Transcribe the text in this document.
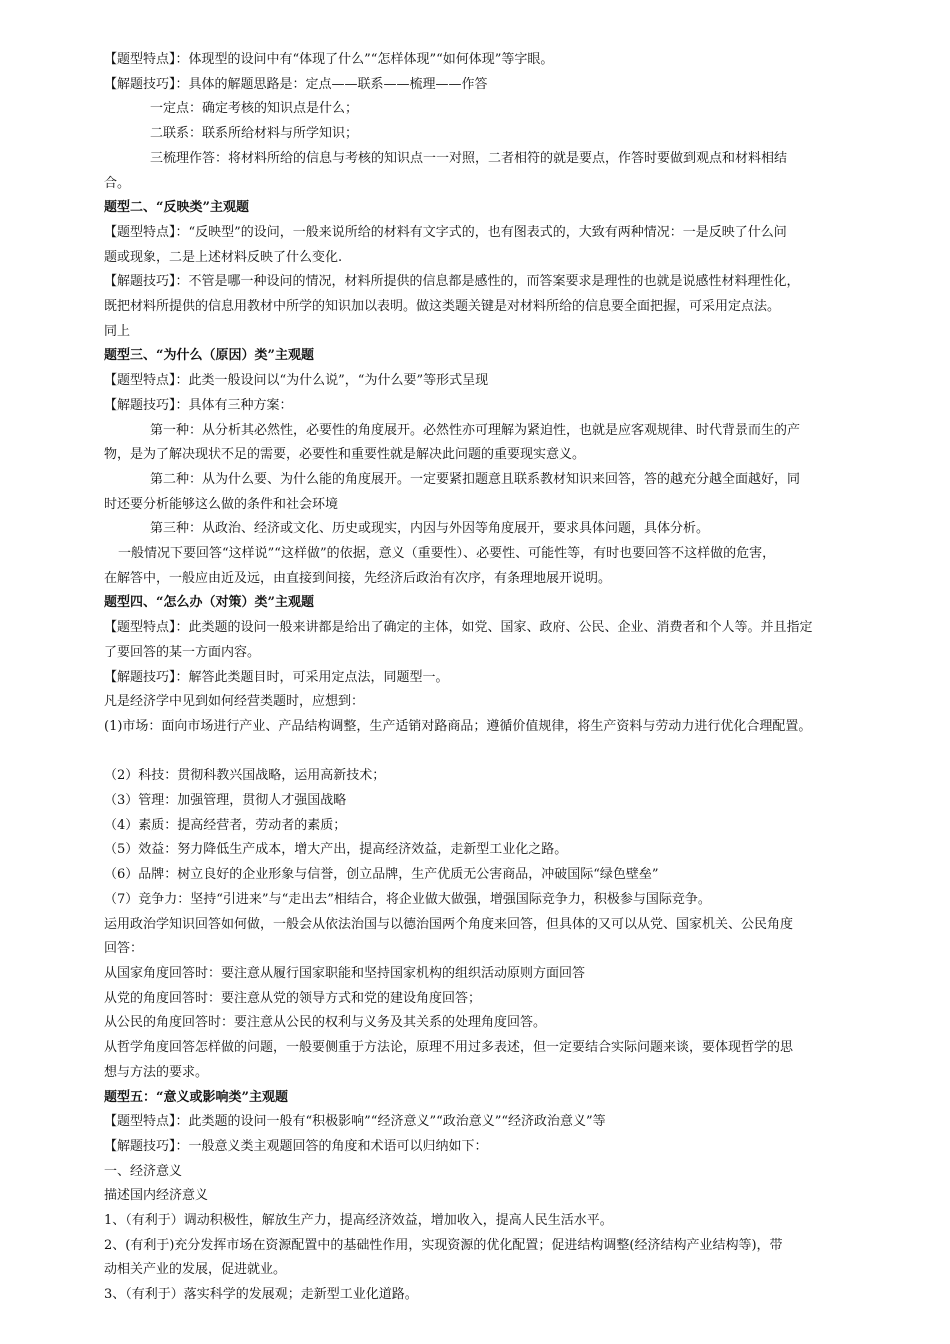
【题型特点】：体现型的设问中有“体现了什么”“怎样体现”“如何体现”等字眼。
【解题技巧】：具体的解题思路是：定点——联系——梳理——作答
一定点：确定考核的知识点是什么；
二联系：联系所给材料与所学知识；
三梳理作答：将材料所给的信息与考核的知识点一一对照，二者相符的就是要点，作答时要做到观点和材料相结
合。
题型二、“反映类”主观题
【题型特点】：“反映型”的设问，一般来说所给的材料有文字式的，也有图表式的，大致有两种情况：一是反映了什么问
题或现象，二是上述材料反映了什么变化.
【解题技巧】：不管是哪一种设问的情况，材料所提供的信息都是感性的，而答案要求是理性的也就是说感性材料理性化，
既把材料所提供的信息用教材中所学的知识加以表明。做这类题关键是对材料所给的信息要全面把握，可采用定点法。
同上
题型三、“为什么（原因）类”主观题
【题型特点】：此类一般设问以“为什么说”，“为什么要”等形式呈现
【解题技巧】：具体有三种方案：
第一种：从分析其必然性，必要性的角度展开。必然性亦可理解为紧迫性，也就是应客观规律、时代背景而生的产
物，是为了解决现状不足的需要，必要性和重要性就是解决此问题的重要现实意义。
第二种：从为什么要、为什么能的角度展开。一定要紧扣题意且联系教材知识来回答，答的越充分越全面越好，同
时还要分析能够这么做的条件和社会环境
第三种：从政治、经济或文化、历史或现实，内因与外因等角度展开，要求具体问题，具体分析。
一般情况下要回答“这样说”“这样做”的依据，意义（重要性）、必要性、可能性等，有时也要回答不这样做的危害，
在解答中，一般应由近及远，由直接到间接，先经济后政治有次序，有条理地展开说明。
题型四、“怎么办（对策）类”主观题
【题型特点】：此类题的设问一般来讲都是给出了确定的主体，如党、国家、政府、公民、企业、消费者和个人等。并且指定
了要回答的某一方面内容。
【解题技巧】：解答此类题目时，可采用定点法，同题型一。
凡是经济学中见到如何经营类题时，应想到：
(1)市场：面向市场进行产业、产品结构调整，生产适销对路商品；遵循价值规律，将生产资料与劳动力进行优化合理配置。
（2）科技：贯彻科教兴国战略，运用高新技术；
（3）管理：加强管理，贯彻人才强国战略
（4）素质：提高经营者，劳动者的素质；
（5）效益：努力降低生产成本，增大产出，提高经济效益，走新型工业化之路。
（6）品牌：树立良好的企业形象与信誉，创立品牌，生产优质无公害商品，冲破国际“绿色壁垒”
（7）竞争力：坚持“引进来”与“走出去”相结合，将企业做大做强，增强国际竞争力，积极参与国际竞争。
运用政治学知识回答如何做，一般会从依法治国与以德治国两个角度来回答，但具体的又可以从党、国家机关、公民角度
回答：
从国家角度回答时：要注意从履行国家职能和坚持国家机构的组织活动原则方面回答
从党的角度回答时：要注意从党的领导方式和党的建设角度回答；
从公民的角度回答时：要注意从公民的权利与义务及其关系的处理角度回答。
从哲学角度回答怎样做的问题，一般要侧重于方法论，原理不用过多表述，但一定要结合实际问题来谈，要体现哲学的思
想与方法的要求。
题型五：“意义或影响类”主观题
【题型特点】：此类题的设问一般有“积极影响”“经济意义”“政治意义”“经济政治意义”等
【解题技巧】：一般意义类主观题回答的角度和术语可以归纳如下：
一、经济意义
描述国内经济意义
1、（有利于）调动积极性，解放生产力，提高经济效益，增加收入，提高人民生活水平。
2、(有利于)充分发挥市场在资源配置中的基础性作用，实现资源的优化配置；促进结构调整(经济结构产业结构等)，带
动相关产业的发展，促进就业。
3、（有利于）落实科学的发展观；走新型工业化道路。
